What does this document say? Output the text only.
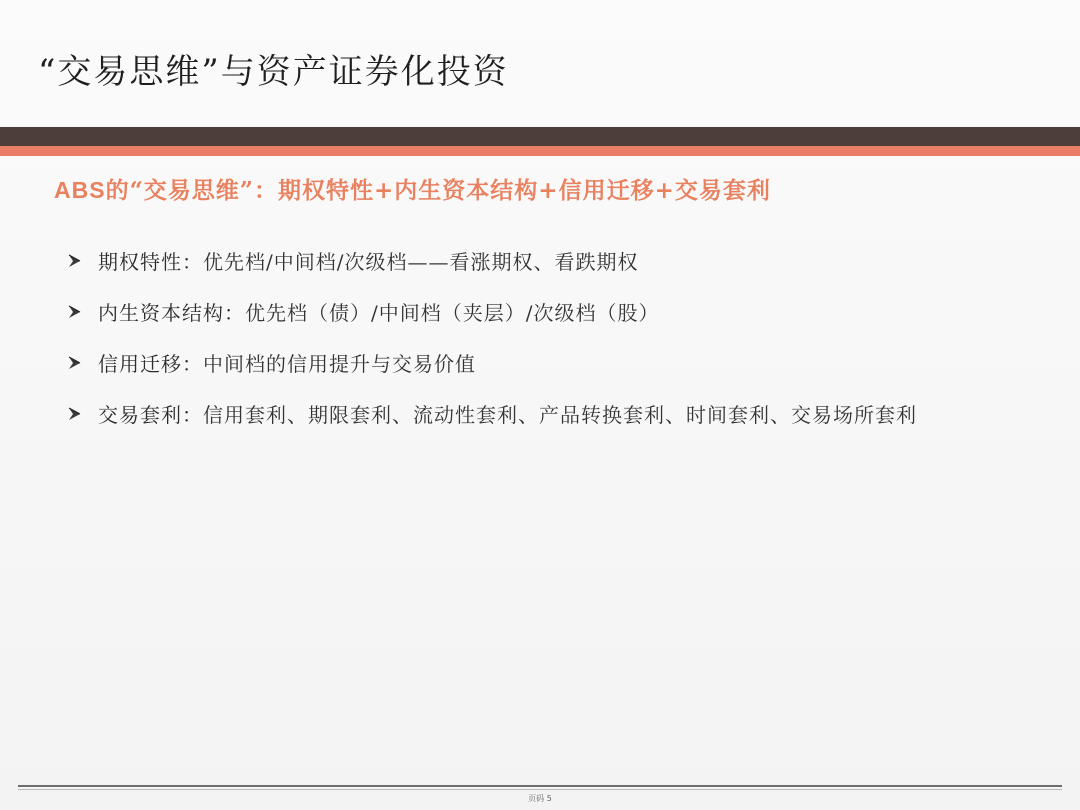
“交易思维”与资产证券化投资
ABS的“交易思维”：期权特性+内生资本结构+信用迁移+交易套利
期权特性： 优先档/中间档/次级档——看涨期权、看跌期权
内生资本结构： 优先档（债）/中间档（夹层）/次级档（股）
信用迁移： 中间档的信用提升与交易价值
交易套利： 信用套利、期限套利、流动性套利、产品转换套利、时间套利、交易场所套利
页码 5
